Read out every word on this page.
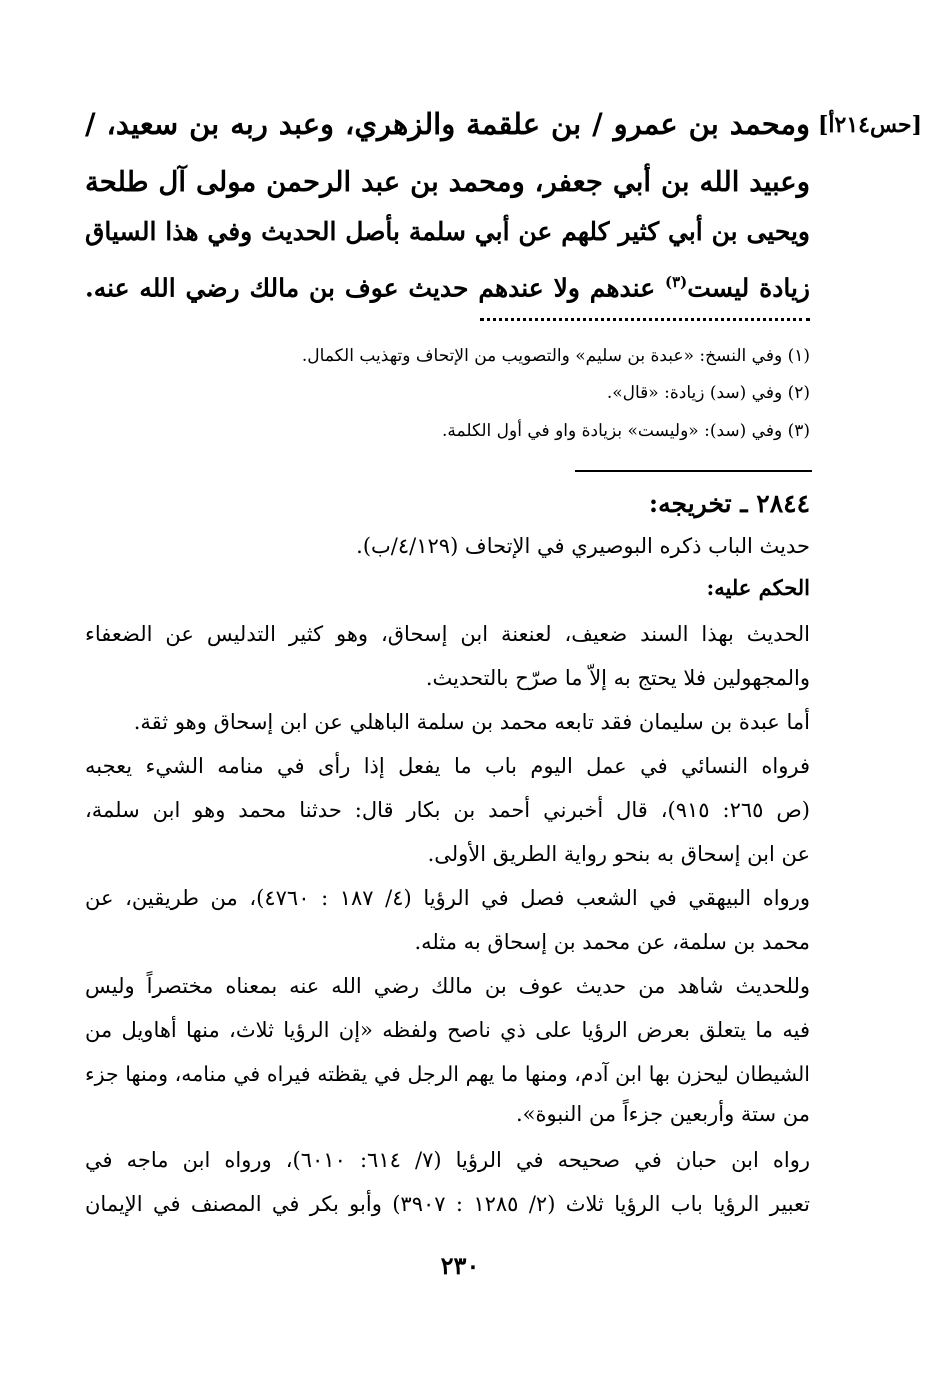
[حس٢١٤أ]
ومحمد بن عمرو / بن علقمة والزهري، وعبد ربه بن سعيد، /
وعبيد الله بن أبي جعفر، ومحمد بن عبد الرحمن مولى آل طلحة
ويحيى بن أبي كثير كلهم عن أبي سلمة بأصل الحديث وفي هذا السياق
زيادة ليست$^{(٣)}$ عندهم ولا عندهم حديث عوف بن مالك رضي الله عنه.
(١) وفي النسخ: «عبدة بن سليم» والتصويب من الإتحاف وتهذيب الكمال.
(٢) وفي (سد) زيادة: «قال».
(٣) وفي (سد): «وليست» بزيادة واو في أول الكلمة.
٢٨٤٤ ـ تخريجه:
حديث الباب ذكره البوصيري في الإتحاف (٤/١٢٩/ب).
الحكم عليه:
الحديث بهذا السند ضعيف، لعنعنة ابن إسحاق، وهو كثير التدليس عن الضعفاء
والمجهولين فلا يحتج به إلاّ ما صرّح بالتحديث.
أما عبدة بن سليمان فقد تابعه محمد بن سلمة الباهلي عن ابن إسحاق وهو ثقة.
فرواه النسائي في عمل اليوم باب ما يفعل إذا رأى في منامه الشيء يعجبه
(ص ٢٦٥: ٩١٥)، قال أخبرني أحمد بن بكار قال: حدثنا محمد وهو ابن سلمة،
عن ابن إسحاق به بنحو رواية الطريق الأولى.
ورواه البيهقي في الشعب فصل في الرؤيا (٤/ ١٨٧ : ٤٧٦٠)، من طريقين، عن
محمد بن سلمة، عن محمد بن إسحاق به مثله.
وللحديث شاهد من حديث عوف بن مالك رضي الله عنه بمعناه مختصراً وليس
فيه ما يتعلق بعرض الرؤيا على ذي ناصح ولفظه «إن الرؤيا ثلاث، منها أهاويل من
الشيطان ليحزن بها ابن آدم، ومنها ما يهم الرجل في يقظته فيراه في منامه، ومنها جزء
من ستة وأربعين جزءاً من النبوة».
رواه ابن حبان في صحيحه في الرؤيا (٧/ ٦١٤: ٦٠١٠)، ورواه ابن ماجه في
تعبير الرؤيا باب الرؤيا ثلاث (٢/ ١٢٨٥ : ٣٩٠٧) وأبو بكر في المصنف في الإيمان
٢٣٠
